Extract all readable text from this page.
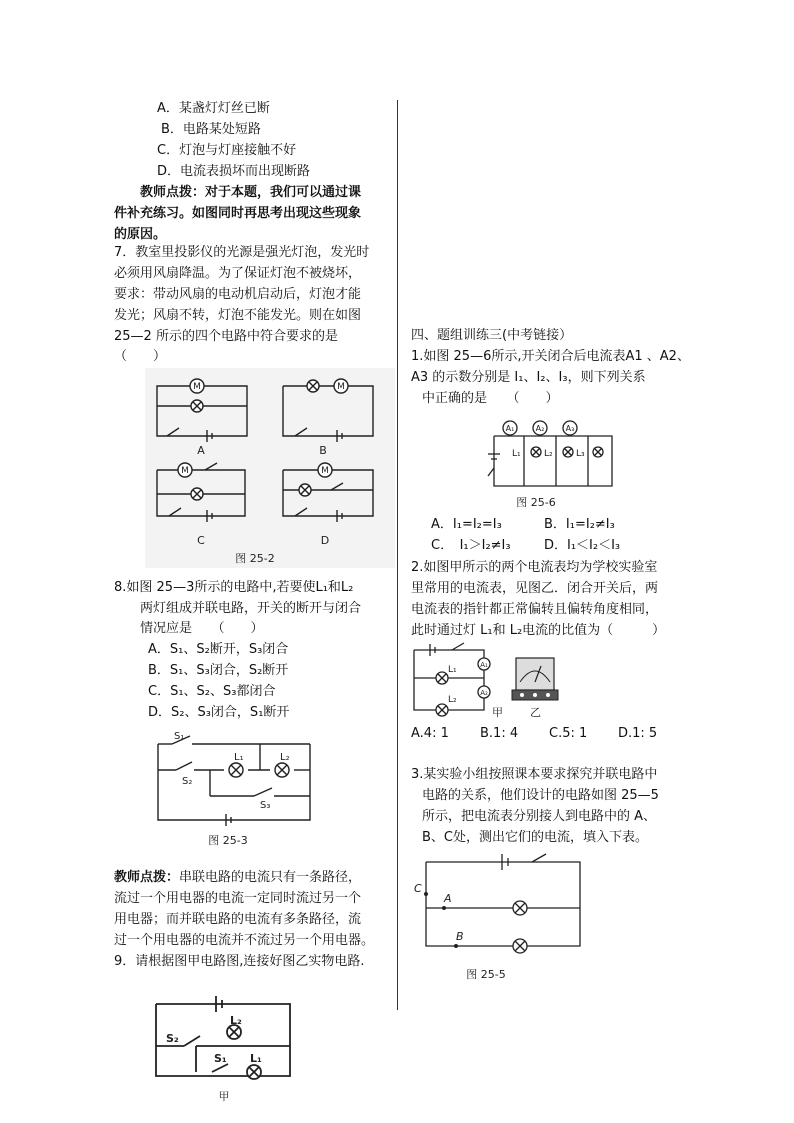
A．某盏灯灯丝已断
B．电路某处短路
C．灯泡与灯座接触不好
D．电流表损坏而出现断路
教师点拨：对于本题，我们可以通过课
件补充练习。如图同时再思考出现这些现象
的原因。
7．教室里投影仪的光源是强光灯泡，发光时
必须用风扇降温。为了保证灯泡不被烧坏，
要求：带动风扇的电动机启动后，灯泡才能
发光；风扇不转，灯泡不能发光。则在如图
25—2 所示的四个电路中符合要求的是
（　　）
M	M
M	M
A	B
C	D
图 25-2
8.如图 25—3所示的电路中,若要使L₁和L₂
两灯组成并联电路，开关的断开与闭合
情况应是　　（　　）
A．S₁、S₂断开，S₃闭合
B．S₁、S₃闭合，S₂断开
C．S₁、S₂、S₃都闭合
D．S₂、S₃闭合，S₁断开
S₁
S₂
L₁	L₂
S₃
图 25-3
教师点拨：串联电路的电流只有一条路径，
流过一个用电器的电流一定同时流过另一个
用电器；而并联电路的电流有多条路径，流
过一个用电器的电流并不流过另一个用电器。
9．请根据图甲电路图,连接好图乙实物电路.
S₂
S₁
L₂
L₁
甲
四、题组训练三(中考链接）
1.如图 25—6所示,开关闭合后电流表A1 、A2、
A3 的示数分别是 I₁、I₂、I₃，则下列关系
中正确的是　　（　　）
A₁	A₂	A₃
L₁	L₂	L₃
图 25-6
A．I₁=I₂=I₃	B．I₁=I₂≠I₃
C．　I₁＞I₂≠I₃	D．I₁＜I₂＜I₃
2.如图甲所示的两个电流表均为学校实验室
里常用的电流表，见图乙．闭合开关后，两
电流表的指针都正常偏转且偏转角度相同，
此时通过灯 L₁和 L₂电流的比值为（　　　）
L₁
L₂
A₁
A₂
甲 乙
A.4: 1 B.1: 4 C.5: 1 D.1: 5
3.某实验小组按照课本要求探究并联电路中
电路的关系，他们设计的电路如图 25—5
所示，把电流表分别接人到电路中的 A、
B、C处，测出它们的电流，填入下表。
C
A
B
图 25-5
